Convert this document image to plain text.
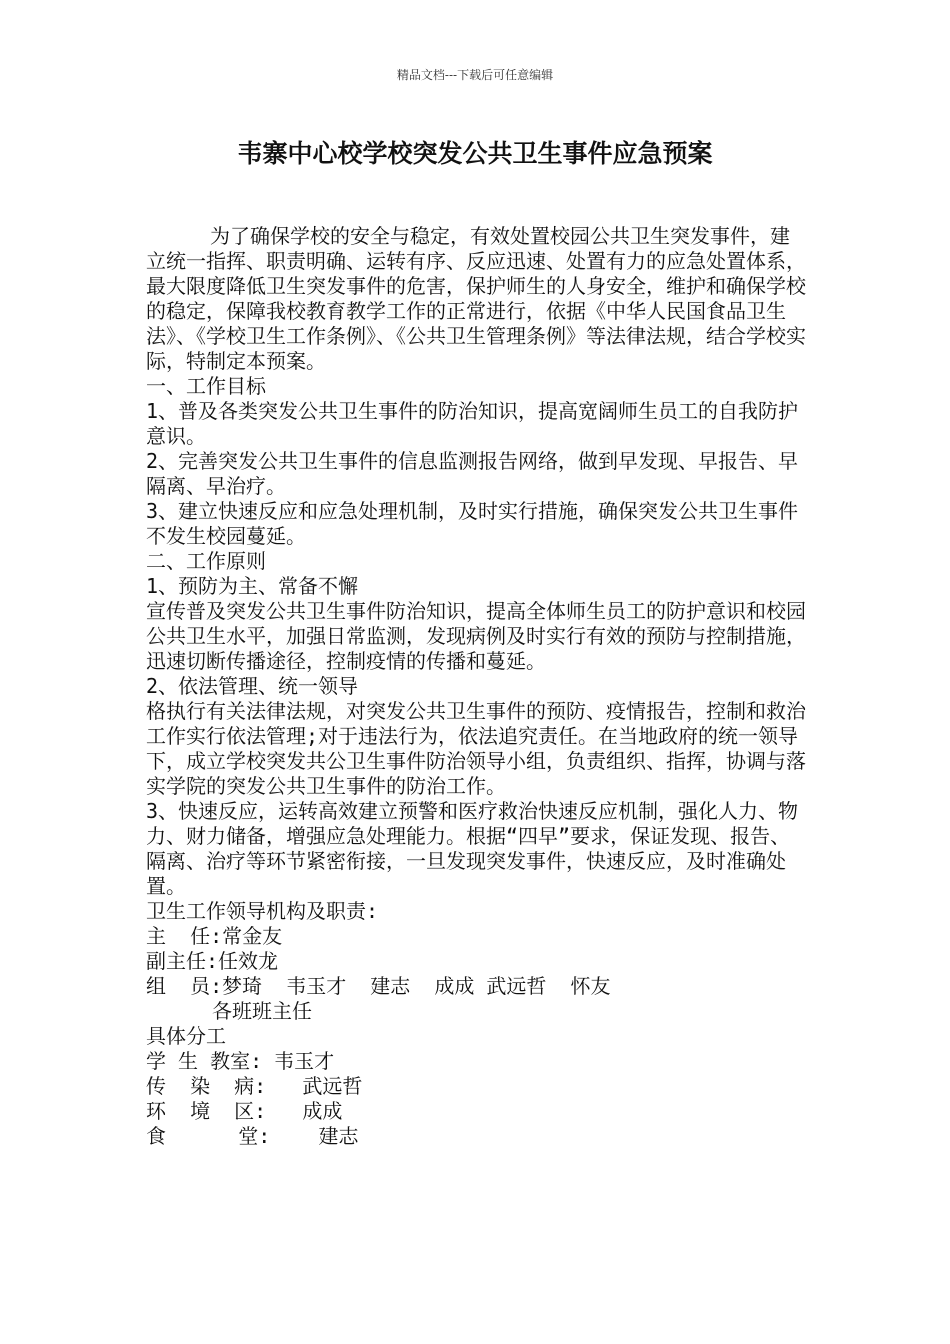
精品文档---下载后可任意编辑
韦寨中心校学校突发公共卫生事件应急预案

为了确保学校的安全与稳定，有效处置校园公共卫生突发事件，建立统一指挥、职责明确、运转有序、反应迅速、处置有力的应急处置体系，最大限度降低卫生突发事件的危害，保护师生的人身安全，维护和确保学校的稳定，保障我校教育教学工作的正常进行，依据《中华人民国食品卫生法》、《学校卫生工作条例》、《公共卫生管理条例》等法律法规，结合学校实际，特制定本预案。

一、工作目标

1、普及各类突发公共卫生事件的防治知识，提高宽阔师生员工的自我防护意识。

2、完善突发公共卫生事件的信息监测报告网络，做到早发现、早报告、早隔离、早治疗。

3、建立快速反应和应急处理机制，及时实行措施，确保突发公共卫生事件不发生校园蔓延。

二、工作原则

1、预防为主、常备不懈

宣传普及突发公共卫生事件防治知识，提高全体师生员工的防护意识和校园公共卫生水平，加强日常监测，发现病例及时实行有效的预防与控制措施，迅速切断传播途径，控制疫情的传播和蔓延。

2、依法管理、统一领导

格执行有关法律法规，对突发公共卫生事件的预防、疫情报告，控制和救治工作实行依法管理;对于违法行为，依法追究责任。在当地政府的统一领导下，成立学校突发共公卫生事件防治领导小组，负责组织、指挥，协调与落实学院的突发公共卫生事件的防治工作。

3、快速反应，运转高效建立预警和医疗救治快速反应机制，强化人力、物力、财力储备，增强应急处理能力。根据“四早”要求，保证发现、报告、隔离、治疗等环节紧密衔接，一旦发现突发事件，快速反应，及时准确处置。

卫生工作领导机构及职责:

主  任:常金友

副主任:任效龙

组  员:梦琦  韦玉才  建志  成成 武远哲  怀友

各班班主任

具体分工

学 生 教室: 韦玉才

传  染  病:   武远哲

环  境  区:   成成

食      堂:    建志
